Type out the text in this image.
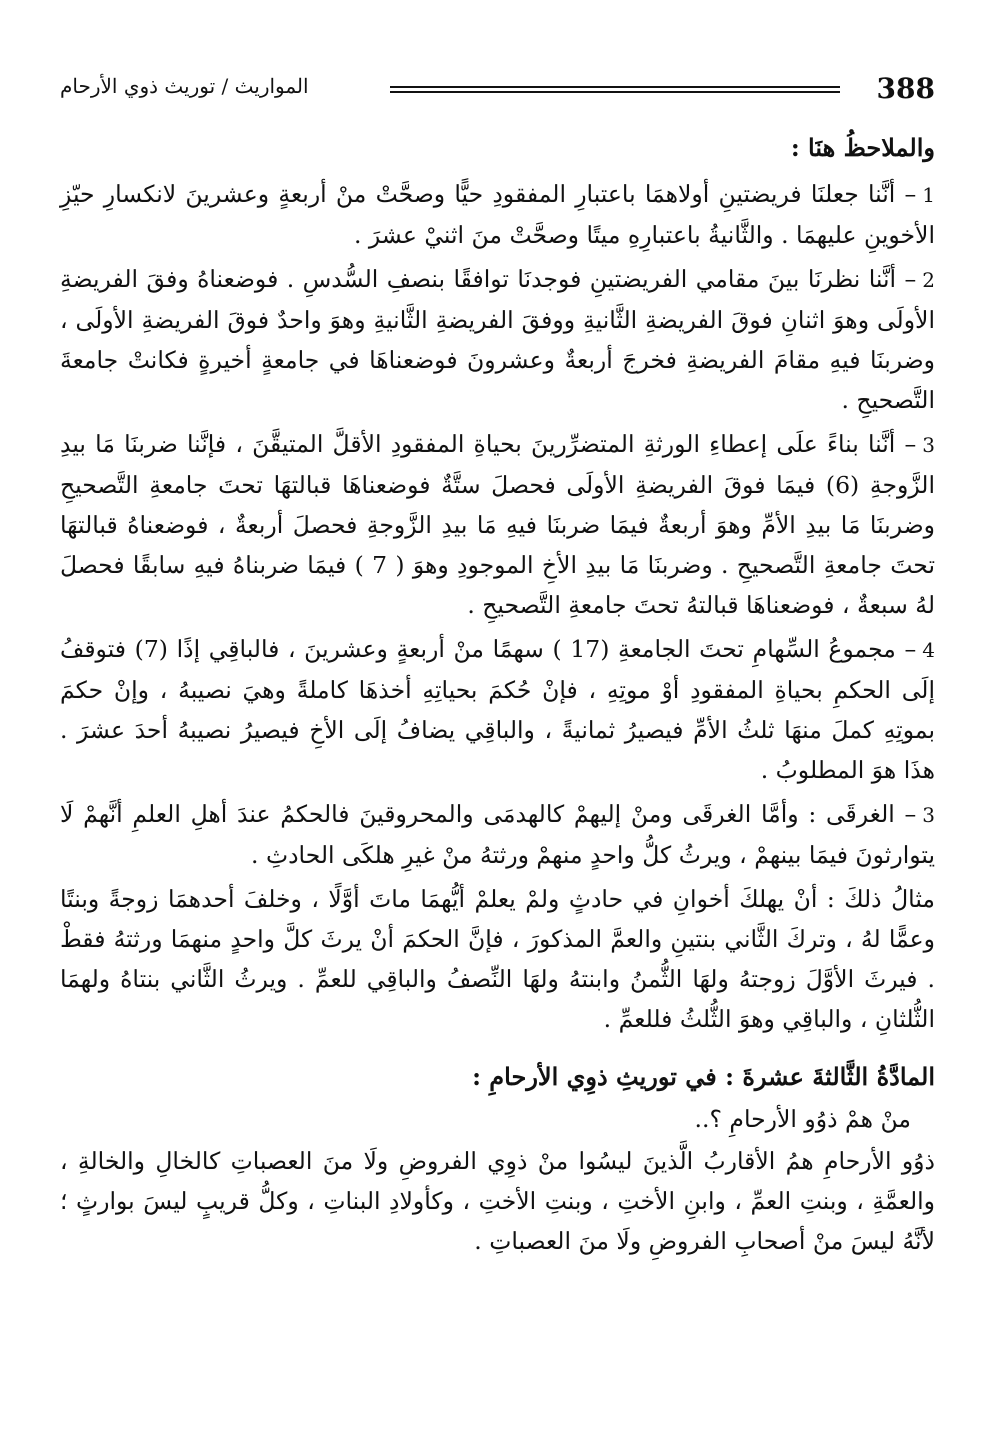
388
المواريث / توريث ذوي الأرحام

والملاحظُ هنَا :

1– أنَّنا جعلنَا فريضتينِ أولاهمَا باعتبارِ المفقودِ حيًّا وصحَّتْ منْ أربعةٍ وعشرينَ لانكسارِ حيّزِ الأخوينِ عليهمَا . والثَّانيةُ باعتبارِهِ ميتًا وصحَّتْ منَ اثنيْ عشرَ .

2– أنَّنا نظرنَا بينَ مقامي الفريضتينِ فوجدنَا توافقًا بنصفِ السُّدسِ . فوضعناهُ وفقَ الفريضةِ الأولَى وهوَ اثنانِ فوقَ الفريضةِ الثَّانيةِ ووفقَ الفريضةِ الثَّانيةِ وهوَ واحدٌ فوقَ الفريضةِ الأولَى ، وضربنَا فيهِ مقامَ الفريضةِ فخرجَ أربعةٌ وعشرونَ فوضعناهَا في جامعةٍ أخيرةٍ فكانتْ جامعةَ التَّصحيحِ .

3– أنَّنا بناءً علَى إعطاءِ الورثةِ المتضرِّرينَ بحياةِ المفقودِ الأقلَّ المتيقَّنَ ، فإنَّنا ضربنَا مَا بيدِ الزَّوجةِ (6) فيمَا فوقَ الفريضةِ الأولَى فحصلَ ستَّةٌ فوضعناهَا قبالتهَا تحتَ جامعةِ التَّصحيحِ وضربنَا مَا بيدِ الأمِّ وهوَ أربعةٌ فيمَا ضربنَا فيهِ مَا بيدِ الزَّوجةِ فحصلَ أربعةٌ ، فوضعناهُ قبالتهَا تحتَ جامعةِ التَّصحيحِ . وضربنَا مَا بيدِ الأخِ الموجودِ وهوَ ( 7 ) فيمَا ضربناهُ فيهِ سابقًا فحصلَ لهُ سبعةٌ ، فوضعناهَا قبالتهُ تحتَ جامعةِ التَّصحيحِ .

4– مجموعُ السِّهامِ تحتَ الجامعةِ (17 ) سهمًا منْ أربعةٍ وعشرينَ ، فالباقِي إذًا (7) فتوقفُ إلَى الحكمِ بحياةِ المفقودِ أوْ موتِهِ ، فإنْ حُكمَ بحياتِهِ أخذهَا كاملةً وهيَ نصيبهُ ، وإنْ حكمَ بموتِهِ كملَ منهَا ثلثُ الأمِّ فيصيرُ ثمانيةً ، والباقِي يضافُ إلَى الأخِ فيصيرُ نصيبهُ أحدَ عشرَ . هذَا هوَ المطلوبُ .

3– الغرقَى : وأمَّا الغرقَى ومنْ إليهمْ كالهدمَى والمحروقينَ فالحكمُ عندَ أهلِ العلمِ أنَّهمْ لَا يتوارثونَ فيمَا بينهمْ ، ويرثُ كلُّ واحدٍ منهمْ ورثتهُ منْ غيرِ هلكَى الحادثِ .

مثالُ ذلكَ : أنْ يهلكَ أخوانِ في حادثٍ ولمْ يعلمْ أيُّهمَا ماتَ أوَّلًا ، وخلفَ أحدهمَا زوجةً وبنتًا وعمًّا لهُ ، وتركَ الثَّاني بنتينِ والعمَّ المذكورَ ، فإنَّ الحكمَ أنْ يرثَ كلَّ واحدٍ منهمَا ورثتهُ فقطْ . فيرثَ الأوَّلَ زوجتهُ ولهَا الثُّمنُ وابنتهُ ولهَا النِّصفُ والباقِي للعمِّ . ويرثُ الثَّاني بنتاهُ ولهمَا الثُّلثانِ ، والباقِي وهوَ الثُّلثُ فللعمِّ .

المادَّةُ الثَّالثةَ عشرةَ : في توريثِ ذوِي الأرحامِ :

منْ همْ ذوُو الأرحامِ ؟..

ذوُو الأرحامِ همُ الأقاربُ الَّذينَ ليسُوا منْ ذوِي الفروضِ ولَا منَ العصباتِ كالخالِ والخالةِ ، والعمَّةِ ، وبنتِ العمِّ ، وابنِ الأختِ ، وبنتِ الأختِ ، وكأولادِ البناتِ ، وكلُّ قريبٍ ليسَ بوارثٍ ؛ لأنَّهُ ليسَ منْ أصحابِ الفروضِ ولَا منَ العصباتِ .
